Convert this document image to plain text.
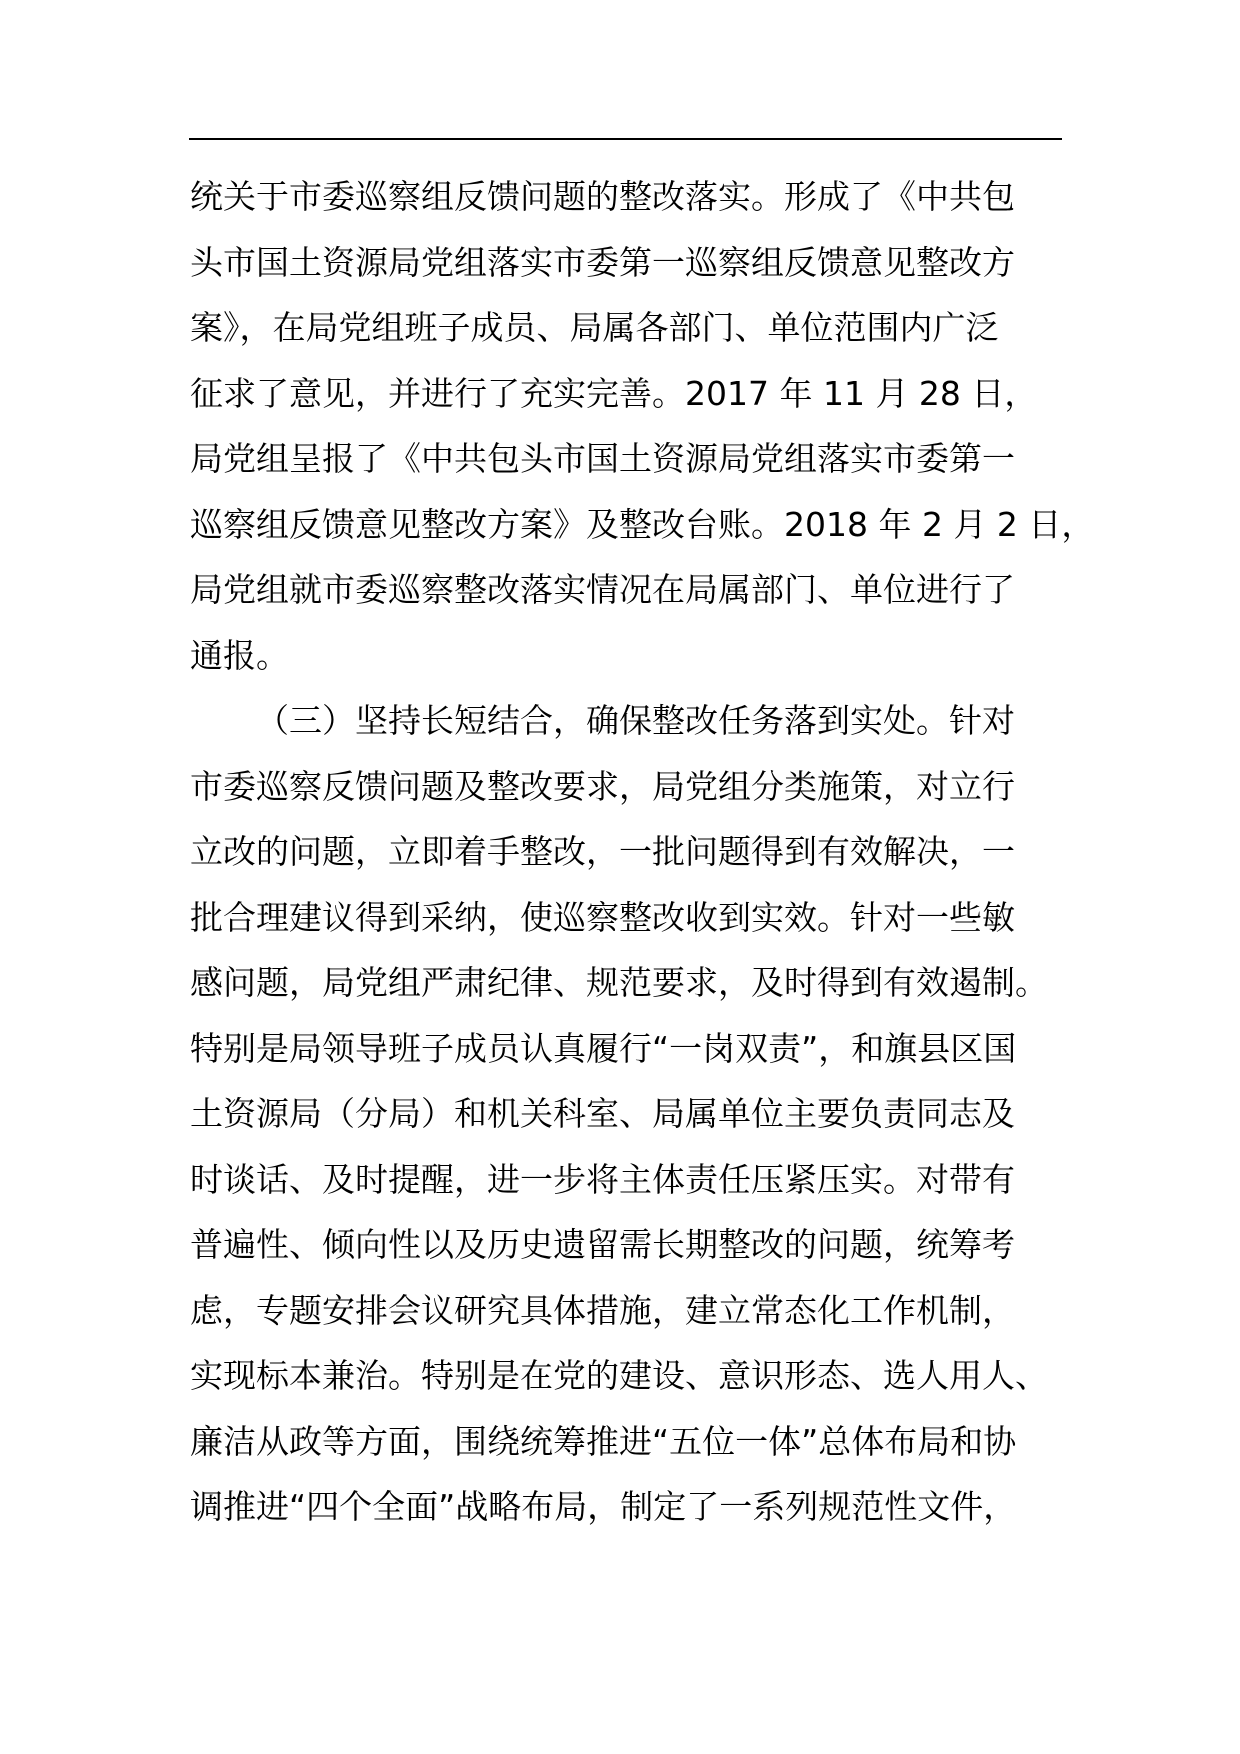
统关于市委巡察组反馈问题的整改落实。形成了《中共包
头市国土资源局党组落实市委第一巡察组反馈意见整改方
案》，在局党组班子成员、局属各部门、单位范围内广泛
征求了意见，并进行了充实完善。2017 年 11 月 28 日，
局党组呈报了《中共包头市国土资源局党组落实市委第一
巡察组反馈意见整改方案》及整改台账。2018 年 2 月 2 日，
局党组就市委巡察整改落实情况在局属部门、单位进行了
通报。
（三）坚持长短结合，确保整改任务落到实处。针对
市委巡察反馈问题及整改要求，局党组分类施策，对立行
立改的问题，立即着手整改，一批问题得到有效解决，一
批合理建议得到采纳，使巡察整改收到实效。针对一些敏
感问题，局党组严肃纪律、规范要求，及时得到有效遏制。
特别是局领导班子成员认真履行“一岗双责”，和旗县区国
土资源局（分局）和机关科室、局属单位主要负责同志及
时谈话、及时提醒，进一步将主体责任压紧压实。对带有
普遍性、倾向性以及历史遗留需长期整改的问题，统筹考
虑，专题安排会议研究具体措施，建立常态化工作机制，
实现标本兼治。特别是在党的建设、意识形态、选人用人、
廉洁从政等方面，围绕统筹推进“五位一体”总体布局和协
调推进“四个全面”战略布局，制定了一系列规范性文件，
